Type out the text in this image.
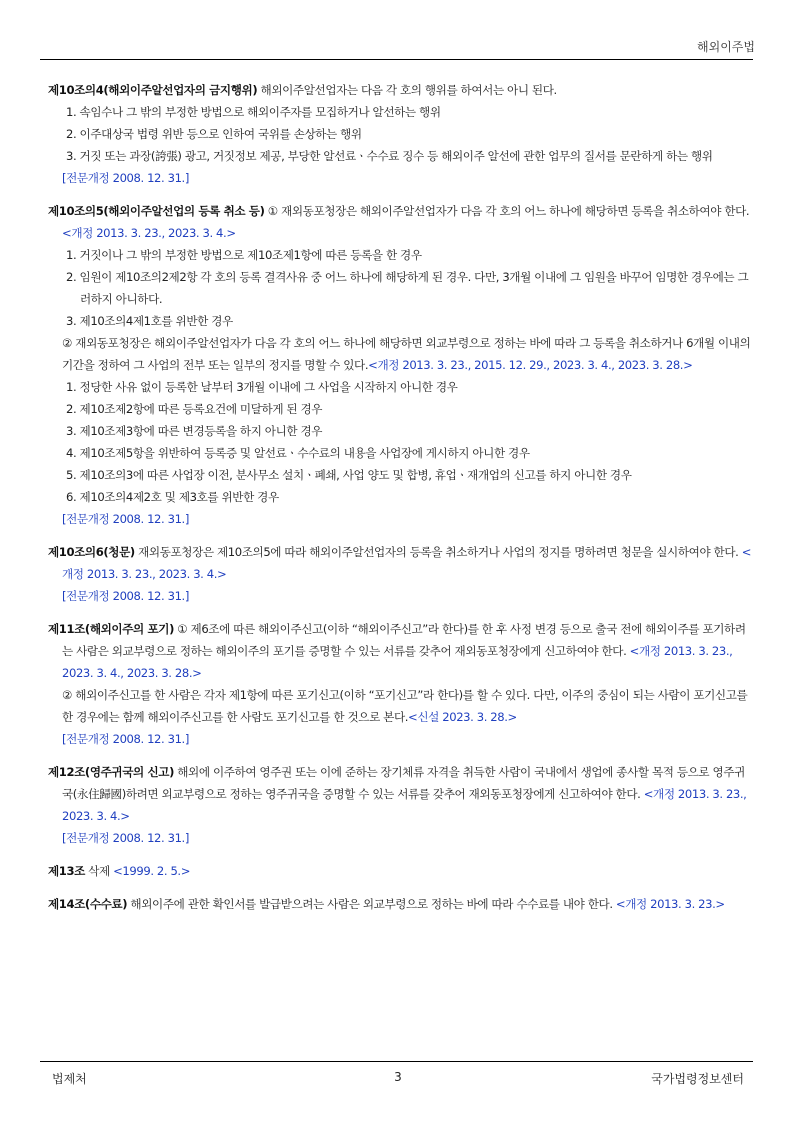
해외이주법

제10조의4(해외이주알선업자의 금지행위) 해외이주알선업자는 다음 각 호의 행위를 하여서는 아니 된다.

1. 속임수나 그 밖의 부정한 방법으로 해외이주자를 모집하거나 알선하는 행위

2. 이주대상국 법령 위반 등으로 인하여 국위를 손상하는 행위

3. 거짓 또는 과장(誇張) 광고, 거짓정보 제공, 부당한 알선료ㆍ수수료 징수 등 해외이주 알선에 관한 업무의 질서를 문란하게 하는 행위

[전문개정 2008. 12. 31.]

제10조의5(해외이주알선업의 등록 취소 등) ① 재외동포청장은 해외이주알선업자가 다음 각 호의 어느 하나에 해당하면 등록을 취소하여야 한다. <개정 2013. 3. 23., 2023. 3. 4.>

1. 거짓이나 그 밖의 부정한 방법으로 제10조제1항에 따른 등록을 한 경우

2. 임원이 제10조의2제2항 각 호의 등록 결격사유 중 어느 하나에 해당하게 된 경우. 다만, 3개월 이내에 그 임원을 바꾸어 임명한 경우에는 그러하지 아니하다.

3. 제10조의4제1호를 위반한 경우

② 재외동포청장은 해외이주알선업자가 다음 각 호의 어느 하나에 해당하면 외교부령으로 정하는 바에 따라 그 등록을 취소하거나 6개월 이내의 기간을 정하여 그 사업의 전부 또는 일부의 정지를 명할 수 있다.<개정 2013. 3. 23., 2015. 12. 29., 2023. 3. 4., 2023. 3. 28.>

1. 정당한 사유 없이 등록한 날부터 3개월 이내에 그 사업을 시작하지 아니한 경우

2. 제10조제2항에 따른 등록요건에 미달하게 된 경우

3. 제10조제3항에 따른 변경등록을 하지 아니한 경우

4. 제10조제5항을 위반하여 등록증 및 알선료ㆍ수수료의 내용을 사업장에 게시하지 아니한 경우

5. 제10조의3에 따른 사업장 이전, 분사무소 설치ㆍ폐쇄, 사업 양도 및 합병, 휴업ㆍ재개업의 신고를 하지 아니한 경우

6. 제10조의4제2호 및 제3호를 위반한 경우

[전문개정 2008. 12. 31.]

제10조의6(청문) 재외동포청장은 제10조의5에 따라 해외이주알선업자의 등록을 취소하거나 사업의 정지를 명하려면 청문을 실시하여야 한다. <개정 2013. 3. 23., 2023. 3. 4.>

[전문개정 2008. 12. 31.]

제11조(해외이주의 포기) ① 제6조에 따른 해외이주신고(이하 “해외이주신고”라 한다)를 한 후 사정 변경 등으로 출국 전에 해외이주를 포기하려는 사람은 외교부령으로 정하는 해외이주의 포기를 증명할 수 있는 서류를 갖추어 재외동포청장에게 신고하여야 한다. <개정 2013. 3. 23., 2023. 3. 4., 2023. 3. 28.>

② 해외이주신고를 한 사람은 각자 제1항에 따른 포기신고(이하 “포기신고”라 한다)를 할 수 있다. 다만, 이주의 중심이 되는 사람이 포기신고를 한 경우에는 함께 해외이주신고를 한 사람도 포기신고를 한 것으로 본다.<신설 2023. 3. 28.>

[전문개정 2008. 12. 31.]

제12조(영주귀국의 신고) 해외에 이주하여 영주권 또는 이에 준하는 장기체류 자격을 취득한 사람이 국내에서 생업에 종사할 목적 등으로 영주귀국(永住歸國)하려면 외교부령으로 정하는 영주귀국을 증명할 수 있는 서류를 갖추어 재외동포청장에게 신고하여야 한다. <개정 2013. 3. 23., 2023. 3. 4.>

[전문개정 2008. 12. 31.]

제13조 삭제 <1999. 2. 5.>

제14조(수수료) 해외이주에 관한 확인서를 발급받으려는 사람은 외교부령으로 정하는 바에 따라 수수료를 내야 한다. <개정 2013. 3. 23.>

법제처	3	국가법령정보센터
